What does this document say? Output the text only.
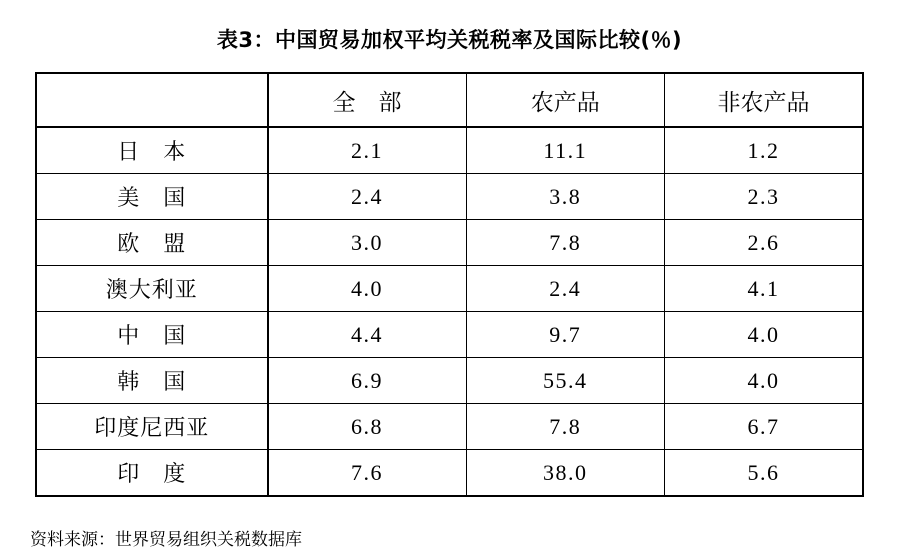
表3：中国贸易加权平均关税税率及国际比较(％)
	全　部	农产品	非农产品
日　本	2.1	11.1	1.2
美　国	2.4	3.8	2.3
欧　盟	3.0	7.8	2.6
澳大利亚	4.0	2.4	4.1
中　国	4.4	9.7	4.0
韩　国	6.9	55.4	4.0
印度尼西亚	6.8	7.8	6.7
印　度	7.6	38.0	5.6
资料来源：世界贸易组织关税数据库
